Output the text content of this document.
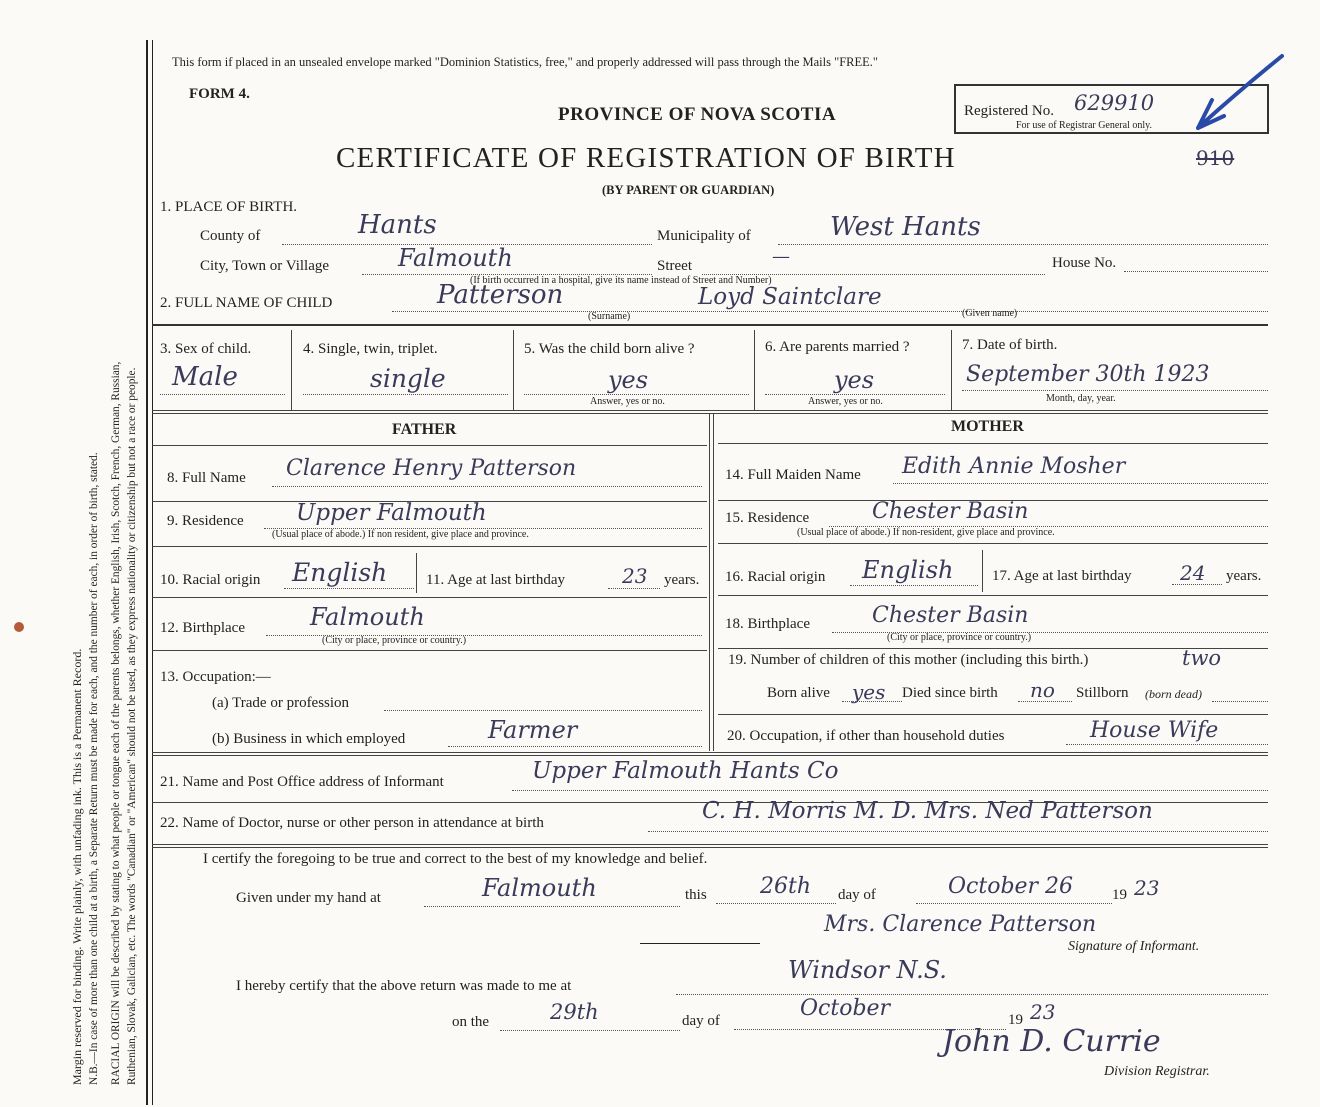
Margin reserved for binding. Write plainly, with unfading ink. This is a Permanent Record. N.B.—In case of more than one child at a birth, a Separate Return must be made for each, and the number of each, in order of birth, stated. RACIAL ORIGIN will be described by stating to what people or tongue each of the parents belongs, whether English, Irish, Scotch, French, German, Russian, Ruthenian, Slovak, Galician, etc. The words "Canadian" or "American" should not be used, as they express nationality or citizenship but not a race or people.
This form if placed in an unsealed envelope marked "Dominion Statistics, free," and properly addressed will pass through the Mails "FREE."
FORM 4.
PROVINCE OF NOVA SCOTIA
CERTIFICATE OF REGISTRATION OF BIRTH
(BY PARENT OR GUARDIAN)
Registered No. 629910
For use of Registrar General only.
910
1. PLACE OF BIRTH.
County of	Hants	Municipality of	West Hants
City, Town or Village	Falmouth	Street	—	House No.
(If birth occurred in a hospital, give its name instead of Street and Number)
2. FULL NAME OF CHILD	Patterson	Loyd Saintclare
(Surname)	(Given name)
3. Sex of child.
Male
4. Single, twin, triplet.
single
5. Was the child born alive ?
yes
Answer, yes or no.
6. Are parents married ?
yes
Answer, yes or no.
7. Date of birth.
September 30th 1923
Month, day, year.
FATHER	MOTHER
8. Full Name Clarence Henry Patterson
9. Residence Upper Falmouth
(Usual place of abode.) If non resident, give place and province.
10. Racial origin English	11. Age at last birthday	23 years.
12. Birthplace	Falmouth
(City or place, province or country.)
13. Occupation:—
(a) Trade or profession
(b) Business in which employed	Farmer
14. Full Maiden Name Edith Annie Mosher
15. Residence	Chester Basin
(Usual place of abode.) If non-resident, give place and province.
16. Racial origin English	17. Age at last birthday 24 years.
18. Birthplace	Chester Basin
(City or place, province or country.)
19. Number of children of this mother (including this birth.)	two
Born alive yes Died since birth no Stillborn (born dead)
20. Occupation, if other than household duties	House Wife
21. Name and Post Office address of Informant	Upper Falmouth Hants Co
22. Name of Doctor, nurse or other person in attendance at birth	C. H. Morris M. D. Mrs. Ned Patterson
I certify the foregoing to be true and correct to the best of my knowledge and belief.
Given under my hand at	Falmouth	this 26th day of	October 26	19 23
Mrs. Clarence Patterson
Signature of Informant.
I hereby certify that the above return was made to me at
Windsor N.S.
on the	29th	day of	October	19 23
John D. Currie
Division Registrar.
